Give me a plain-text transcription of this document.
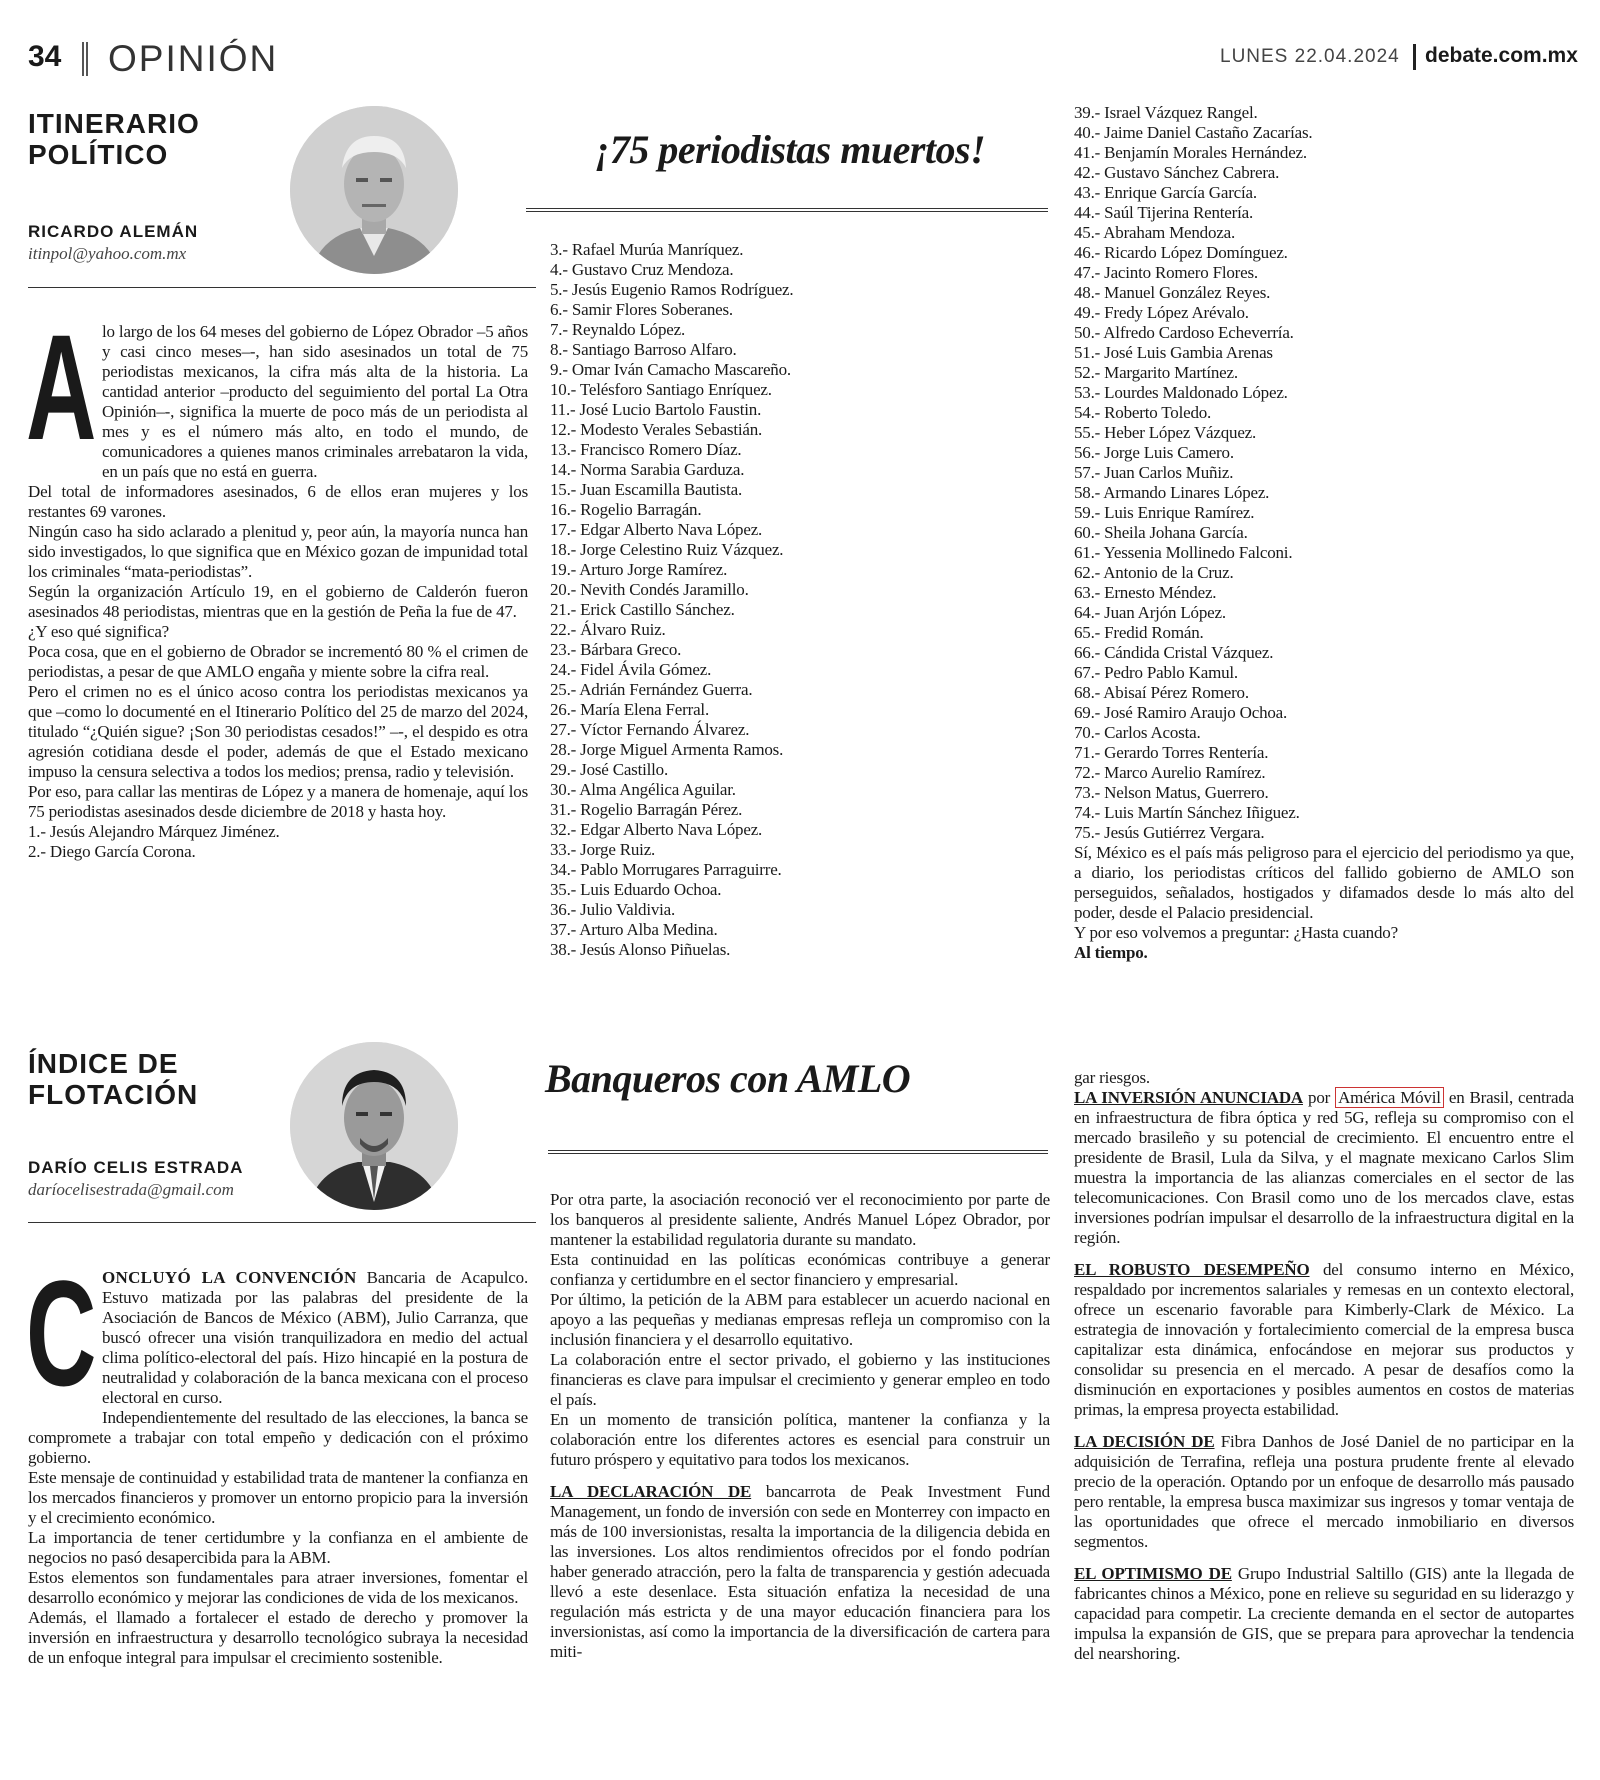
34 OPINIÓN	LUNES 22.04.2024 debate.com.mx
ITINERARIO
POLÍTICO
RICARDO ALEMÁN
itinpol@yahoo.com.mx
¡75 periodistas muertos!
A lo largo de los 64 meses del gobierno de López Obrador –5 años y casi cinco meses–-, han sido asesinados un total de 75 periodistas mexicanos, la cifra más alta de la historia. La cantidad anterior –producto del seguimiento del portal La Otra Opinión–-, significa la muerte de poco más de un periodista al mes y es el número más alto, en todo el mundo, de comunicadores a quienes manos criminales arrebataron la vida, en un país que no está en guerra.

Del total de informadores asesinados, 6 de ellos eran mujeres y los restantes 69 varones.

Ningún caso ha sido aclarado a plenitud y, peor aún, la mayoría nunca han sido investigados, lo que significa que en México gozan de impunidad total los criminales “mata-periodistas”.

Según la organización Artículo 19, en el gobierno de Calderón fueron asesinados 48 periodistas, mientras que en la gestión de Peña la fue de 47.

¿Y eso qué significa?

Poca cosa, que en el gobierno de Obrador se incrementó 80 % el crimen de periodistas, a pesar de que AMLO engaña y miente sobre la cifra real.

Pero el crimen no es el único acoso contra los periodistas mexicanos ya que –como lo documenté en el Itinerario Político del 25 de marzo del 2024, titulado “¿Quién sigue? ¡Son 30 periodistas cesados!” –-, el despido es otra agresión cotidiana desde el poder, además de que el Estado mexicano impuso la censura selectiva a todos los medios; prensa, radio y televisión.

Por eso, para callar las mentiras de López y a manera de homenaje, aquí los 75 periodistas asesinados desde diciembre de 2018 y hasta hoy.

1.- Jesús Alejandro Márquez Jiménez.

2.- Diego García Corona.

3.- Rafael Murúa Manríquez.
4.- Gustavo Cruz Mendoza.
5.- Jesús Eugenio Ramos Rodríguez.
6.- Samir Flores Soberanes.
7.- Reynaldo López.
8.- Santiago Barroso Alfaro.
9.- Omar Iván Camacho Mascareño.
10.- Telésforo Santiago Enríquez.
11.- José Lucio Bartolo Faustin.
12.- Modesto Verales Sebastián.
13.- Francisco Romero Díaz.
14.- Norma Sarabia Garduza.
15.- Juan Escamilla Bautista.
16.- Rogelio Barragán.
17.- Edgar Alberto Nava López.
18.- Jorge Celestino Ruiz Vázquez.
19.- Arturo Jorge Ramírez.
20.- Nevith Condés Jaramillo.
21.- Erick Castillo Sánchez.
22.- Álvaro Ruiz.
23.- Bárbara Greco.
24.- Fidel Ávila Gómez.
25.- Adrián Fernández Guerra.
26.- María Elena Ferral.
27.- Víctor Fernando Álvarez.
28.- Jorge Miguel Armenta Ramos.
29.- José Castillo.
30.- Alma Angélica Aguilar.
31.- Rogelio Barragán Pérez.
32.- Edgar Alberto Nava López.
33.- Jorge Ruiz.
34.- Pablo Morrugares Parraguirre.
35.- Luis Eduardo Ochoa.
36.- Julio Valdivia.
37.- Arturo Alba Medina.
38.- Jesús Alonso Piñuelas.
39.- Israel Vázquez Rangel.
40.- Jaime Daniel Castaño Zacarías.
41.- Benjamín Morales Hernández.
42.- Gustavo Sánchez Cabrera.
43.- Enrique García García.
44.- Saúl Tijerina Rentería.
45.- Abraham Mendoza.
46.- Ricardo López Domínguez.
47.- Jacinto Romero Flores.
48.- Manuel González Reyes.
49.- Fredy López Arévalo.
50.- Alfredo Cardoso Echeverría.
51.- José Luis Gambia Arenas
52.- Margarito Martínez.
53.- Lourdes Maldonado López.
54.- Roberto Toledo.
55.- Heber López Vázquez.
56.- Jorge Luis Camero.
57.- Juan Carlos Muñiz.
58.- Armando Linares López.
59.- Luis Enrique Ramírez.
60.- Sheila Johana García.
61.- Yessenia Mollinedo Falconi.
62.- Antonio de la Cruz.
63.- Ernesto Méndez.
64.- Juan Arjón López.
65.- Fredid Román.
66.- Cándida Cristal Vázquez.
67.- Pedro Pablo Kamul.
68.- Abisaí Pérez Romero.
69.- José Ramiro Araujo Ochoa.
70.- Carlos Acosta.
71.- Gerardo Torres Rentería.
72.- Marco Aurelio Ramírez.
73.- Nelson Matus, Guerrero.
74.- Luis Martín Sánchez Iñiguez.
75.- Jesús Gutiérrez Vergara.

Sí, México es el país más peligroso para el ejercicio del periodismo ya que, a diario, los periodistas críticos del fallido gobierno de AMLO son perseguidos, señalados, hostigados y difamados desde lo más alto del poder, desde el Palacio presidencial.

Y por eso volvemos a preguntar: ¿Hasta cuando?

Al tiempo.

ÍNDICE DE
FLOTACIÓN
DARÍO CELIS ESTRADA
daríocelisestrada@gmail.com
Banqueros con AMLO
C ONCLUYÓ LA CONVENCIÓN Bancaria de Acapulco. Estuvo matizada por las palabras del presidente de la Asociación de Bancos de México (ABM), Julio Carranza, que buscó ofrecer una visión tranquilizadora en medio del actual clima político-electoral del país. Hizo hincapié en la postura de neutralidad y colaboración de la banca mexicana con el proceso electoral en curso.

Independientemente del resultado de las elecciones, la banca se compromete a trabajar con total empeño y dedicación con el próximo gobierno.

Este mensaje de continuidad y estabilidad trata de mantener la confianza en los mercados financieros y promover un entorno propicio para la inversión y el crecimiento económico.

La importancia de tener certidumbre y la confianza en el ambiente de negocios no pasó desapercibida para la ABM.

Estos elementos son fundamentales para atraer inversiones, fomentar el desarrollo económico y mejorar las condiciones de vida de los mexicanos.

Además, el llamado a fortalecer el estado de derecho y promover la inversión en infraestructura y desarrollo tecnológico subraya la necesidad de un enfoque integral para impulsar el crecimiento sostenible.

Por otra parte, la asociación reconoció ver el reconocimiento por parte de los banqueros al presidente saliente, Andrés Manuel López Obrador, por mantener la estabilidad regulatoria durante su mandato.

Esta continuidad en las políticas económicas contribuye a generar confianza y certidumbre en el sector financiero y empresarial.

Por último, la petición de la ABM para establecer un acuerdo nacional en apoyo a las pequeñas y medianas empresas refleja un compromiso con la inclusión financiera y el desarrollo equitativo.

La colaboración entre el sector privado, el gobierno y las instituciones financieras es clave para impulsar el crecimiento y generar empleo en todo el país.

En un momento de transición política, mantener la confianza y la colaboración entre los diferentes actores es esencial para construir un futuro próspero y equitativo para todos los mexicanos.

LA DECLARACIÓN DE bancarrota de Peak Investment Fund Management, un fondo de inversión con sede en Monterrey con impacto en más de 100 inversionistas, resalta la importancia de la diligencia debida en las inversiones. Los altos rendimientos ofrecidos por el fondo podrían haber generado atracción, pero la falta de transparencia y gestión adecuada llevó a este desenlace. Esta situación enfatiza la necesidad de una regulación más estricta y de una mayor educación financiera para los inversionistas, así como la importancia de la diversificación de cartera para miti-

gar riesgos.

LA INVERSIÓN ANUNCIADA por América Móvil en Brasil, centrada en infraestructura de fibra óptica y red 5G, refleja su compromiso con el mercado brasileño y su potencial de crecimiento. El encuentro entre el presidente de Brasil, Lula da Silva, y el magnate mexicano Carlos Slim muestra la importancia de las alianzas comerciales en el sector de las telecomunicaciones. Con Brasil como uno de los mercados clave, estas inversiones podrían impulsar el desarrollo de la infraestructura digital en la región.

EL ROBUSTO DESEMPEÑO del consumo interno en México, respaldado por incrementos salariales y remesas en un contexto electoral, ofrece un escenario favorable para Kimberly-Clark de México. La estrategia de innovación y fortalecimiento comercial de la empresa busca capitalizar esta dinámica, enfocándose en mejorar sus productos y consolidar su presencia en el mercado. A pesar de desafíos como la disminución en exportaciones y posibles aumentos en costos de materias primas, la empresa proyecta estabilidad.

LA DECISIÓN DE Fibra Danhos de José Daniel de no participar en la adquisición de Terrafina, refleja una postura prudente frente al elevado precio de la operación. Optando por un enfoque de desarrollo más pausado pero rentable, la empresa busca maximizar sus ingresos y tomar ventaja de las oportunidades que ofrece el mercado inmobiliario en diversos segmentos.

EL OPTIMISMO DE Grupo Industrial Saltillo (GIS) ante la llegada de fabricantes chinos a México, pone en relieve su seguridad en su liderazgo y capacidad para competir. La creciente demanda en el sector de autopartes impulsa la expansión de GIS, que se prepara para aprovechar la tendencia del nearshoring.
